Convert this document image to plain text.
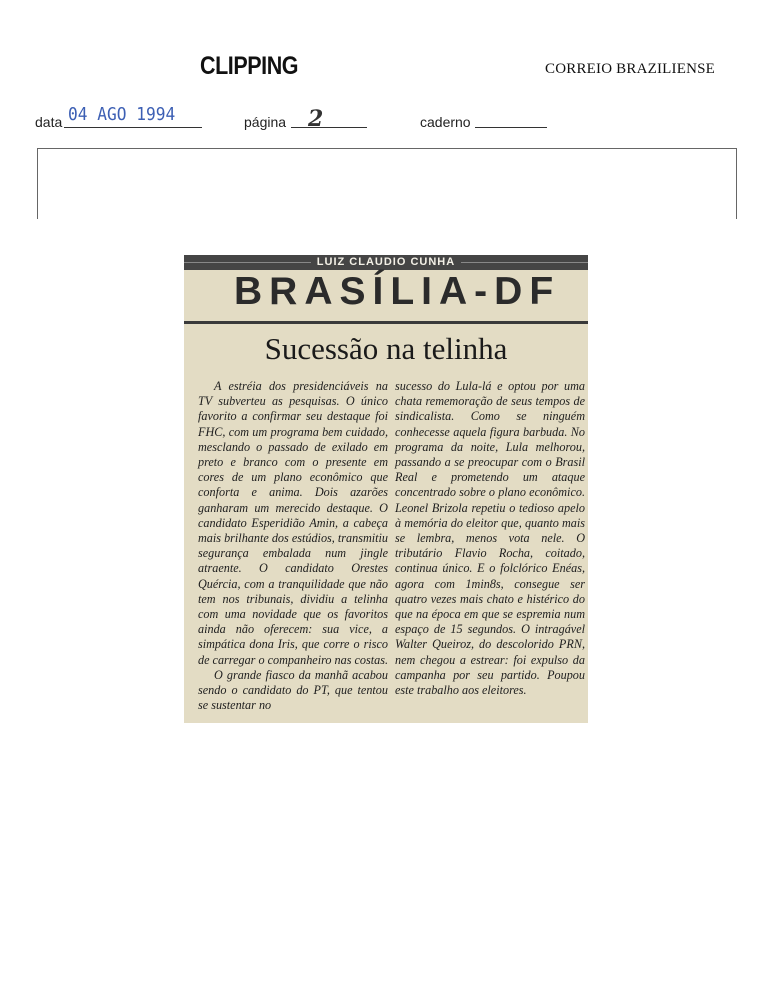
CLIPPING	CORREIO BRAZILIENSE
data 04 AGO 1994	página 2	caderno
LUIZ CLAUDIO CUNHA
BRASÍLIA-DF
Sucessão na telinha

A estréia dos presidenciáveis na TV subverteu as pesquisas. O único favorito a confirmar seu destaque foi FHC, com um programa bem cuidado, mesclando o passado de exilado em preto e branco com o presente em cores de um plano econômico que conforta e anima. Dois azarões ganharam um merecido destaque. O candidato Esperidião Amin, a cabeça mais brilhante dos estúdios, transmitiu segurança embalada num jingle atraente. O candidato Orestes Quércia, com a tranquilidade que não tem nos tribunais, dividiu a telinha com uma novidade que os favoritos ainda não oferecem: sua vice, a simpática dona Iris, que corre o risco de carregar o companheiro nas costas.

O grande fiasco da manhã acabou sendo o candidato do PT, que tentou se sustentar no

sucesso do Lula-lá e optou por uma chata rememoração de seus tempos de sindicalista. Como se ninguém conhecesse aquela figura barbuda. No programa da noite, Lula melhorou, passando a se preocupar com o Brasil Real e prometendo um ataque concentrado sobre o plano econômico. Leonel Brizola repetiu o tedioso apelo à memória do eleitor que, quanto mais se lembra, menos vota nele. O tributário Flavio Rocha, coitado, continua único. E o folclórico Enéas, agora com 1min8s, consegue ser quatro vezes mais chato e histérico do que na época em que se espremia num espaço de 15 segundos. O intragável Walter Queiroz, do descolorido PRN, nem chegou a estrear: foi expulso da campanha por seu partido. Poupou este trabalho aos eleitores.
